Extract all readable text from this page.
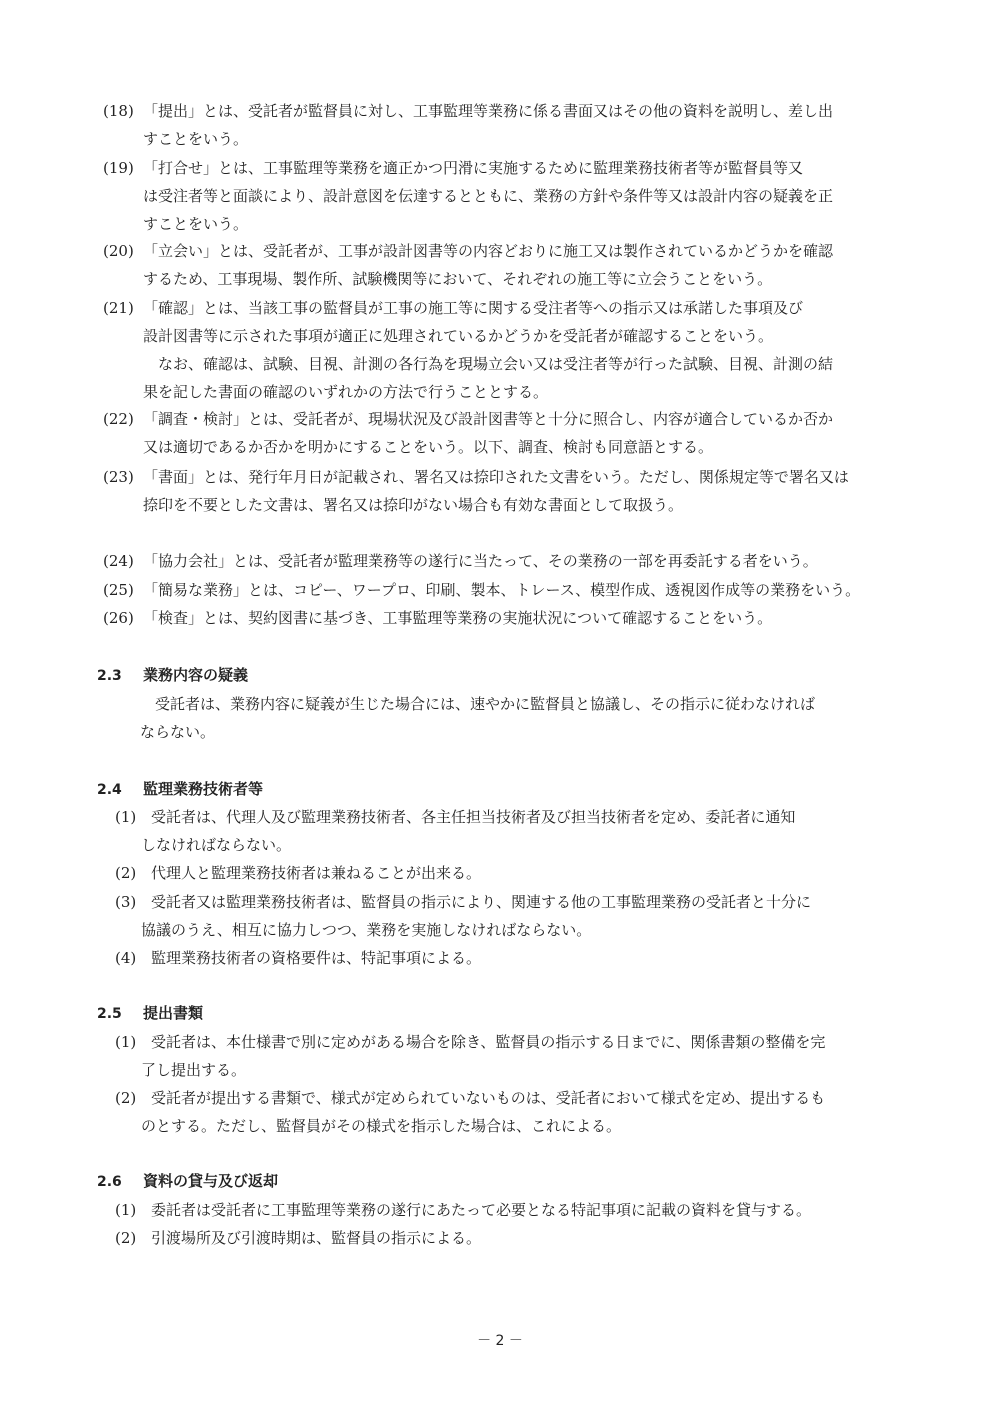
(18) 「提出」とは、受託者が監督員に対し、工事監理等業務に係る書面又はその他の資料を説明し、差し出
すことをいう。
(19) 「打合せ」とは、工事監理等業務を適正かつ円滑に実施するために監理業務技術者等が監督員等又
は受注者等と面談により、設計意図を伝達するとともに、業務の方針や条件等又は設計内容の疑義を正
すことをいう。
(20) 「立会い」とは、受託者が、工事が設計図書等の内容どおりに施工又は製作されているかどうかを確認
するため、工事現場、製作所、試験機関等において、それぞれの施工等に立会うことをいう。
(21) 「確認」とは、当該工事の監督員が工事の施工等に関する受注者等への指示又は承諾した事項及び
設計図書等に示された事項が適正に処理されているかどうかを受託者が確認することをいう。
　なお、確認は、試験、目視、計測の各行為を現場立会い又は受注者等が行った試験、目視、計測の結
果を記した書面の確認のいずれかの方法で行うこととする。
(22) 「調査・検討」とは、受託者が、現場状況及び設計図書等と十分に照合し、内容が適合しているか否か
又は適切であるか否かを明かにすることをいう。以下、調査、検討も同意語とする。
(23) 「書面」とは、発行年月日が記載され、署名又は捺印された文書をいう。ただし、関係規定等で署名又は
捺印を不要とした文書は、署名又は捺印がない場合も有効な書面として取扱う。
(24) 「協力会社」とは、受託者が監理業務等の遂行に当たって、その業務の一部を再委託する者をいう。
(25) 「簡易な業務」とは、コピー、ワープロ、印刷、製本、トレース、模型作成、透視図作成等の業務をいう。
(26) 「検査」とは、契約図書に基づき、工事監理等業務の実施状況について確認することをいう。
2.3 業務内容の疑義
　受託者は、業務内容に疑義が生じた場合には、速やかに監督員と協議し、その指示に従わなければ
ならない。
2.4 監理業務技術者等
(1) 受託者は、代理人及び監理業務技術者、各主任担当技術者及び担当技術者を定め、委託者に通知
しなければならない。
(2) 代理人と監理業務技術者は兼ねることが出来る。
(3) 受託者又は監理業務技術者は、監督員の指示により、関連する他の工事監理業務の受託者と十分に
協議のうえ、相互に協力しつつ、業務を実施しなければならない。
(4) 監理業務技術者の資格要件は、特記事項による。
2.5 提出書類
(1) 受託者は、本仕様書で別に定めがある場合を除き、監督員の指示する日までに、関係書類の整備を完
了し提出する。
(2) 受託者が提出する書類で、様式が定められていないものは、受託者において様式を定め、提出するも
のとする。ただし、監督員がその様式を指示した場合は、これによる。
2.6 資料の貸与及び返却
(1) 委託者は受託者に工事監理等業務の遂行にあたって必要となる特記事項に記載の資料を貸与する。
(2) 引渡場所及び引渡時期は、監督員の指示による。
－ 2 －
